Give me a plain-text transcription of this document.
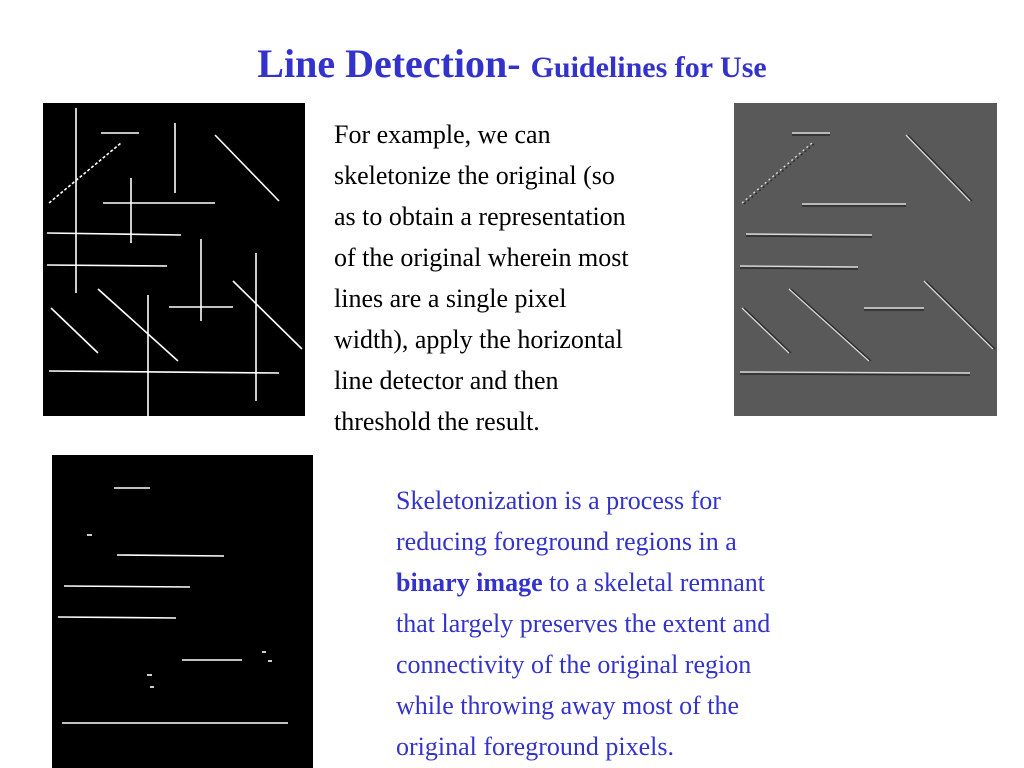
Line Detection- Guidelines for Use
For example, we can
skeletonize the original (so
as to obtain a representation
of the original wherein most
lines are a single pixel
width), apply the horizontal
line detector and then
threshold the result.
Skeletonization is a process for
reducing foreground regions in a
binary image to a skeletal remnant
that largely preserves the extent and
connectivity of the original region
while throwing away most of the
original foreground pixels.
